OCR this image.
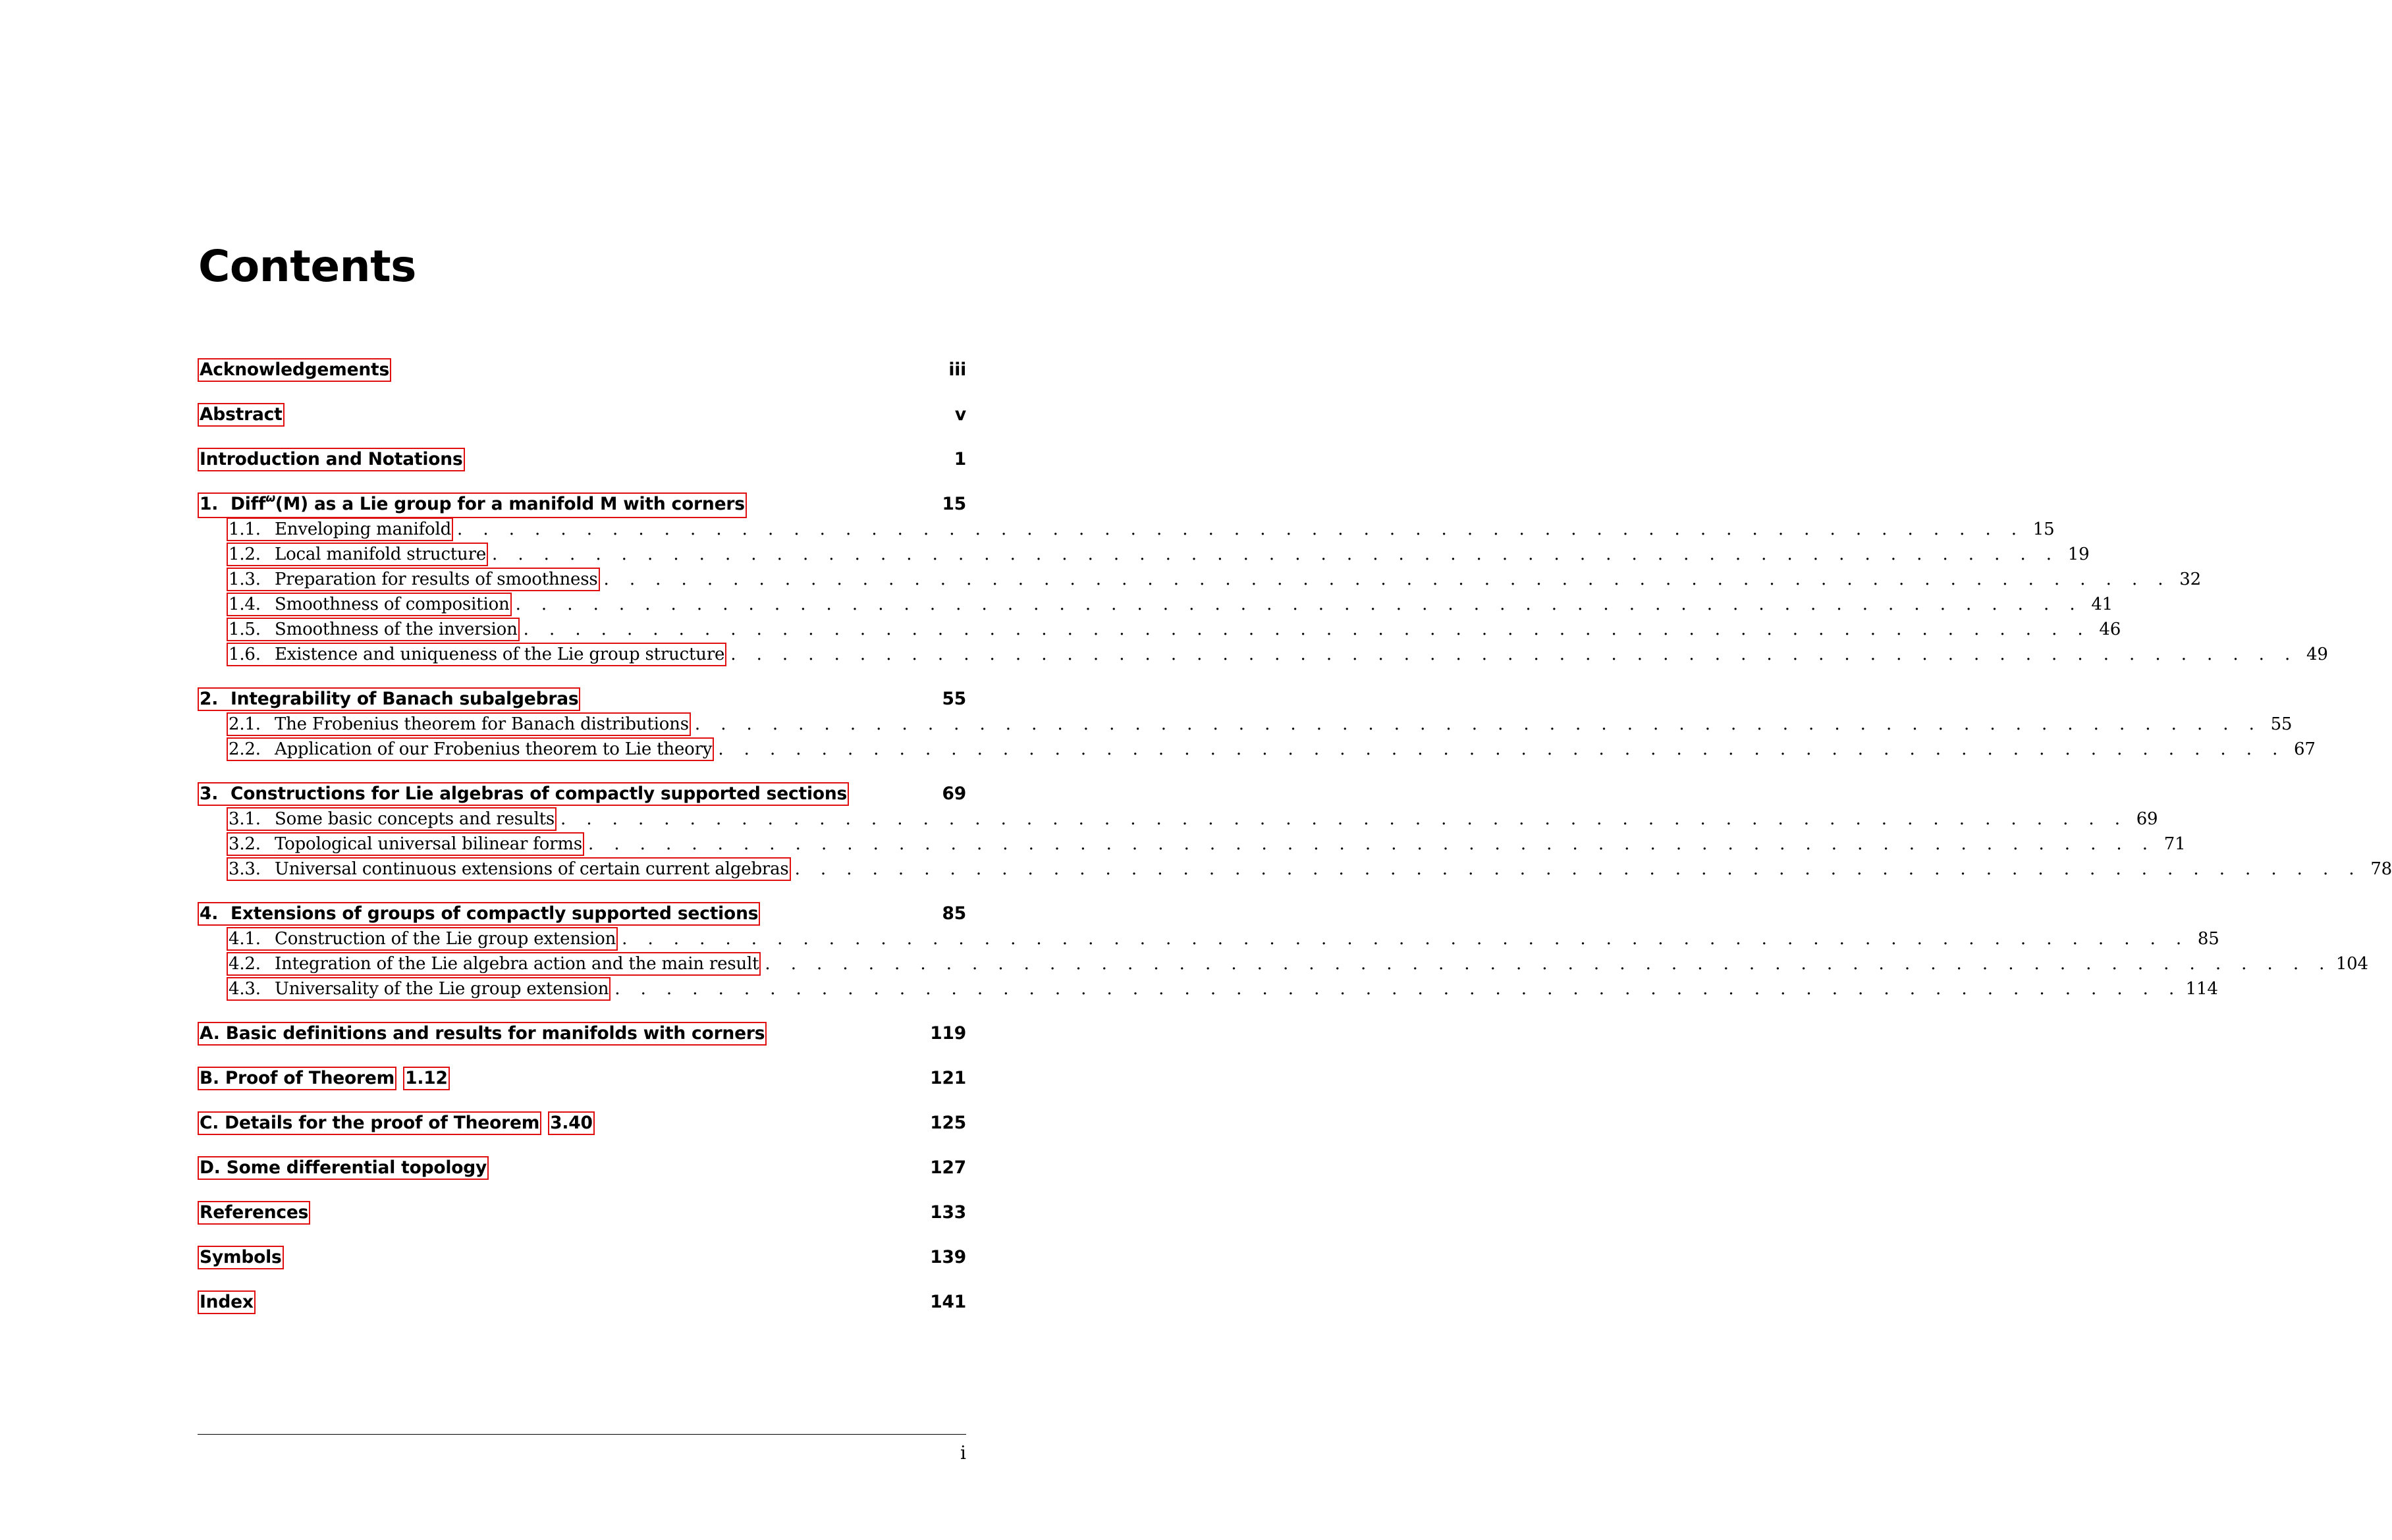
Contents
Acknowledgements	iii
Abstract	v
Introduction and Notations	1
1. Diff ω (M) as a Lie group for a manifold M with corners	15
1.1. Enveloping manifold . . . . . . . . . . . . . . . . . . . . . . . . . . . . . . . . . . . . . . . . . . . . . . . . . . . . . . . . . . . . . 15
1.2. Local manifold structure . . . . . . . . . . . . . . . . . . . . . . . . . . . . . . . . . . . . . . . . . . . . . . . . . . . . . . . . . . . . . 19
1.3. Preparation for results of smoothness . . . . . . . . . . . . . . . . . . . . . . . . . . . . . . . . . . . . . . . . . . . . . . . . . . . . . . . . . . . . . 32
1.4. Smoothness of composition . . . . . . . . . . . . . . . . . . . . . . . . . . . . . . . . . . . . . . . . . . . . . . . . . . . . . . . . . . . . . 41
1.5. Smoothness of the inversion . . . . . . . . . . . . . . . . . . . . . . . . . . . . . . . . . . . . . . . . . . . . . . . . . . . . . . . . . . . . . 46
1.6. Existence and uniqueness of the Lie group structure . . . . . . . . . . . . . . . . . . . . . . . . . . . . . . . . . . . . . . . . . . . . . . . . . . . . . . . . . . . . . 49
2. Integrability of Banach subalgebras	55
2.1. The Frobenius theorem for Banach distributions . . . . . . . . . . . . . . . . . . . . . . . . . . . . . . . . . . . . . . . . . . . . . . . . . . . . . . . . . . . . . 55
2.2. Application of our Frobenius theorem to Lie theory . . . . . . . . . . . . . . . . . . . . . . . . . . . . . . . . . . . . . . . . . . . . . . . . . . . . . . . . . . . . . 67
3. Constructions for Lie algebras of compactly supported sections	69
3.1. Some basic concepts and results . . . . . . . . . . . . . . . . . . . . . . . . . . . . . . . . . . . . . . . . . . . . . . . . . . . . . . . . . . . . . 69
3.2. Topological universal bilinear forms . . . . . . . . . . . . . . . . . . . . . . . . . . . . . . . . . . . . . . . . . . . . . . . . . . . . . . . . . . . . . 71
3.3. Universal continuous extensions of certain current algebras . . . . . . . . . . . . . . . . . . . . . . . . . . . . . . . . . . . . . . . . . . . . . . . . . . . . . . . . . . . . . 78
4. Extensions of groups of compactly supported sections	85
4.1. Construction of the Lie group extension . . . . . . . . . . . . . . . . . . . . . . . . . . . . . . . . . . . . . . . . . . . . . . . . . . . . . . . . . . . . . 85
4.2. Integration of the Lie algebra action and the main result . . . . . . . . . . . . . . . . . . . . . . . . . . . . . . . . . . . . . . . . . . . . . . . . . . . . . . . . . . . . . 104
4.3. Universality of the Lie group extension . . . . . . . . . . . . . . . . . . . . . . . . . . . . . . . . . . . . . . . . . . . . . . . . . . . . . . . . . . . . . 114
A. Basic definitions and results for manifolds with corners	119
B. Proof of Theorem 1.12	121
C. Details for the proof of Theorem 3.40	125
D. Some differential topology	127
References	133
Symbols	139
Index	141
i
